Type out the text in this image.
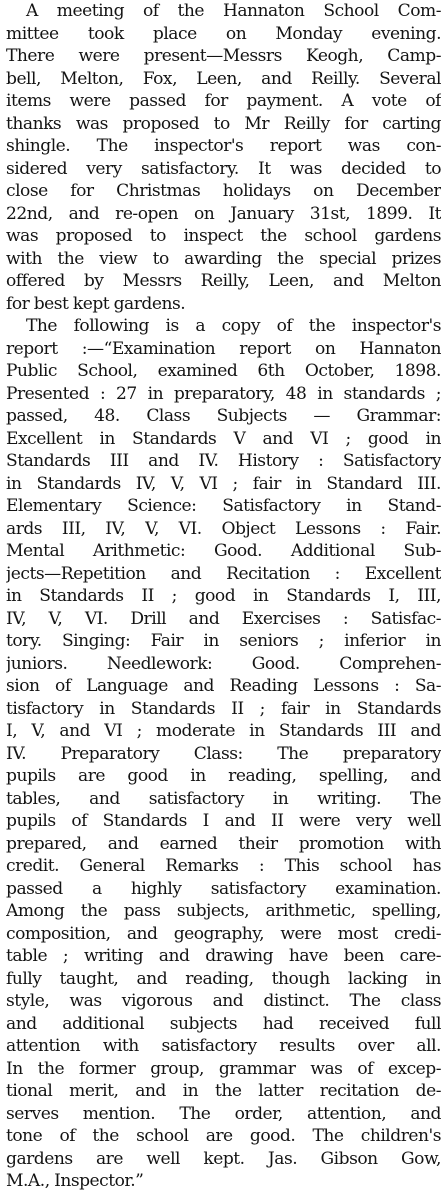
A meeting of the Hannaton School Com-
mittee took place on Monday evening.
There were present—Messrs Keogh, Camp-
bell, Melton, Fox, Leen, and Reilly. Several
items were passed for payment. A vote of
thanks was proposed to Mr Reilly for carting
shingle. The inspector's report was con-
sidered very satisfactory. It was decided to
close for Christmas holidays on December
22nd, and re-open on January 31st, 1899. It
was proposed to inspect the school gardens
with the view to awarding the special prizes
offered by Messrs Reilly, Leen, and Melton
for best kept gardens.
The following is a copy of the inspector's
report :—“Examination report on Hannaton
Public School, examined 6th October, 1898.
Presented : 27 in preparatory, 48 in standards ;
passed, 48. Class Subjects — Grammar:
Excellent in Standards V and VI ; good in
Standards III and IV. History : Satisfactory
in Standards IV, V, VI ; fair in Standard III.
Elementary Science: Satisfactory in Stand-
ards III, IV, V, VI. Object Lessons : Fair.
Mental Arithmetic: Good. Additional Sub-
jects—Repetition and Recitation : Excellent
in Standards II ; good in Standards I, III,
IV, V, VI. Drill and Exercises : Satisfac-
tory. Singing: Fair in seniors ; inferior in
juniors. Needlework: Good. Comprehen-
sion of Language and Reading Lessons : Sa-
tisfactory in Standards II ; fair in Standards
I, V, and VI ; moderate in Standards III and
IV. Preparatory Class: The preparatory
pupils are good in reading, spelling, and
tables, and satisfactory in writing. The
pupils of Standards I and II were very well
prepared, and earned their promotion with
credit. General Remarks : This school has
passed a highly satisfactory examination.
Among the pass subjects, arithmetic, spelling,
composition, and geography, were most credi-
table ; writing and drawing have been care-
fully taught, and reading, though lacking in
style, was vigorous and distinct. The class
and additional subjects had received full
attention with satisfactory results over all.
In the former group, grammar was of excep-
tional merit, and in the latter recitation de-
serves mention. The order, attention, and
tone of the school are good. The children's
gardens are well kept. Jas. Gibson Gow,
M.A., Inspector.”
